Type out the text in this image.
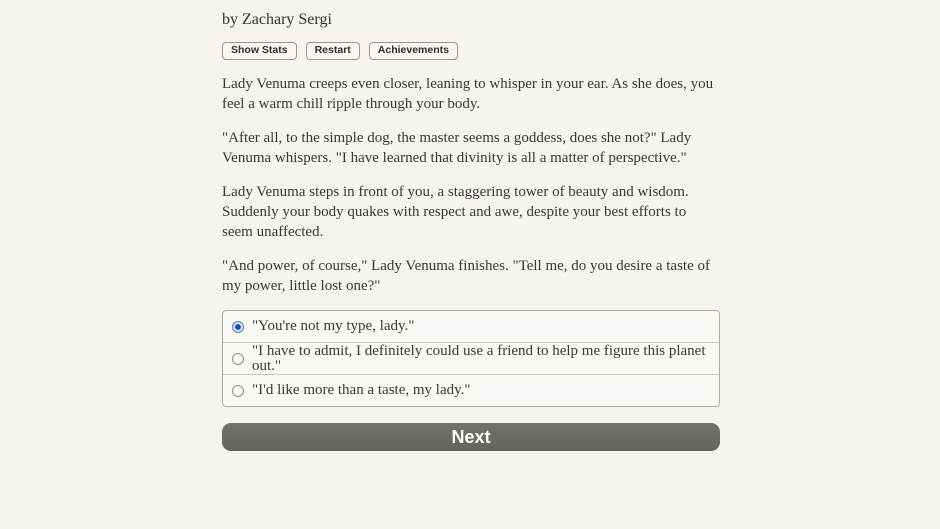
by Zachary Sergi

Show Stats	Restart	Achievements

Lady Venuma creeps even closer, leaning to whisper in your ear. As she does, you feel a warm chill ripple through your body.

"After all, to the simple dog, the master seems a goddess, does she not?" Lady Venuma whispers. "I have learned that divinity is all a matter of perspective."

Lady Venuma steps in front of you, a staggering tower of beauty and wisdom. Suddenly your body quakes with respect and awe, despite your best efforts to seem unaffected.

"And power, of course," Lady Venuma finishes. "Tell me, do you desire a taste of my power, little lost one?"

"You're not my type, lady."
"I have to admit, I definitely could use a friend to help me figure this planet out."
"I'd like more than a taste, my lady."
Next
